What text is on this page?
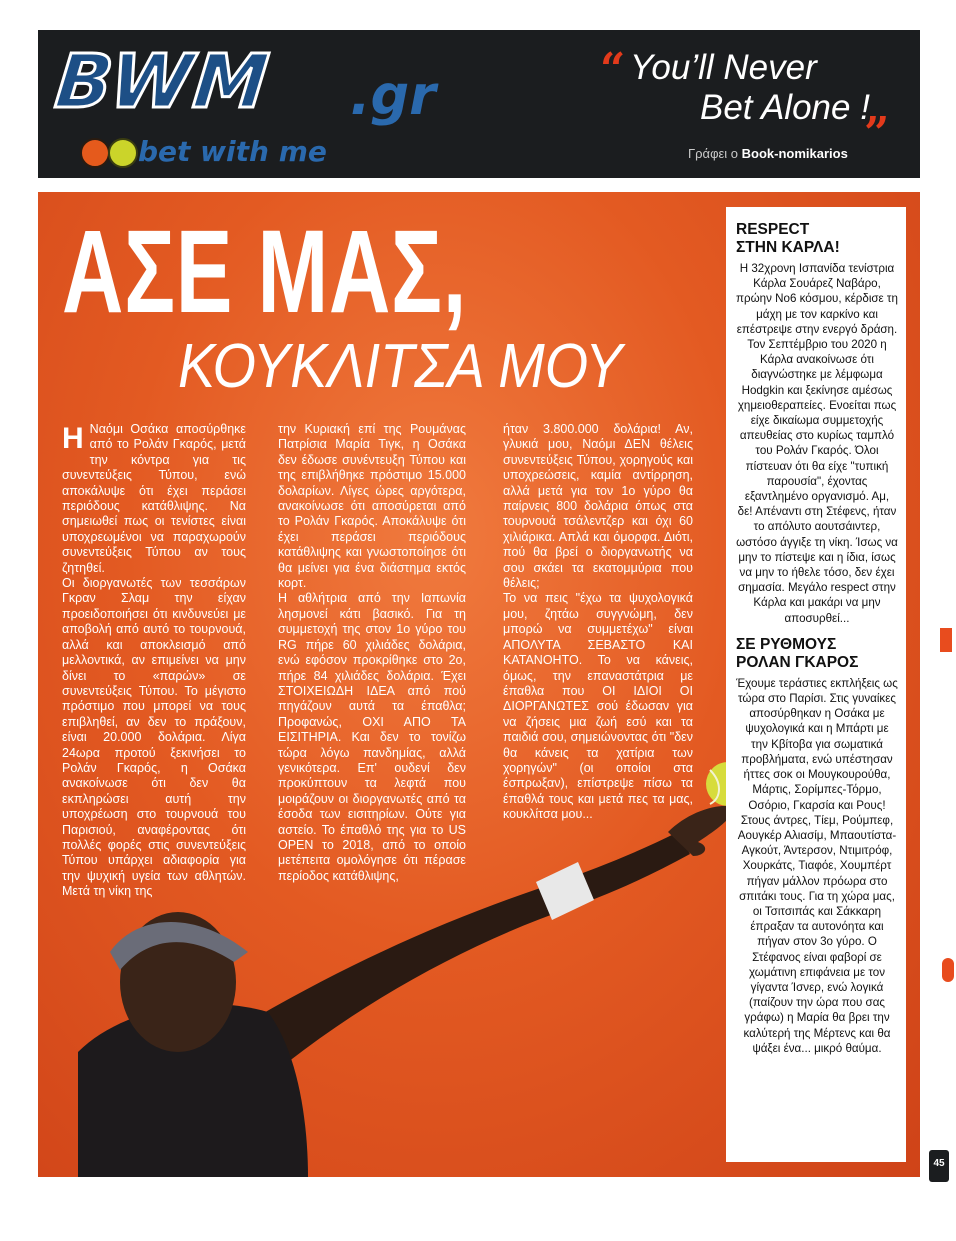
BWM .gr
bet with me
“ You’ll Never
Bet Alone !
”
Γράφει ο Book-nomikarios
ΑΣΕ ΜΑΣ,
ΚΟΥΚΛΙΤΣΑ ΜΟΥ
Η Ναόμι Οσάκα αποσύρθηκε από το Ρολάν Γκαρός, μετά την κόντρα για τις συνεντεύξεις Τύπου, ενώ αποκάλυψε ότι έχει περάσει περιόδους κατάθλιψης. Να σημειωθεί πως οι τενίστες είναι υποχρεωμένοι να παραχωρούν συνεντεύξεις Τύπου αν τους ζητηθεί.

Οι διοργανωτές των τεσσάρων Γκραν Σλαμ την είχαν προειδοποιήσει ότι κινδυνεύει με αποβολή από αυτό το τουρνουά, αλλά και αποκλεισμό από μελλοντικά, αν επιμείνει να μην δίνει το «παρών» σε συνεντεύξεις Τύπου. Το μέγιστο πρόστιμο που μπορεί να τους επιβληθεί, αν δεν το πράξουν, είναι 20.000 δολάρια. Λίγα 24ωρα προτού ξεκινήσει το Ρολάν Γκαρός, η Οσάκα ανακοίνωσε ότι δεν θα εκπληρώσει αυτή την υποχρέωση στο τουρνουά του Παρισιού, αναφέροντας ότι πολλές φορές στις συνεντεύξεις Τύπου υπάρχει αδιαφορία για την ψυχική υγεία των αθλητών. Μετά τη νίκη της

την Κυριακή επί της Ρουμάνας Πατρίσια Μαρία Τιγκ, η Οσάκα δεν έδωσε συνέντευξη Τύπου και της επιβλήθηκε πρόστιμο 15.000 δολαρίων. Λίγες ώρες αργότερα, ανακοίνωσε ότι αποσύρεται από το Ρολάν Γκαρός. Αποκάλυψε ότι έχει περάσει περιόδους κατάθλιψης και γνωστοποίησε ότι θα μείνει για ένα διάστημα εκτός κορτ.

Η αθλήτρια από την Ιαπωνία λησμονεί κάτι βασικό. Για τη συμμετοχή της στον 1ο γύρο του RG πήρε 60 χιλιάδες δολάρια, ενώ εφόσον προκρίθηκε στο 2ο, πήρε 84 χιλιάδες δολάρια. Έχει ΣΤΟΙΧΕΙΩΔΗ ΙΔΕΑ από πού πηγάζουν αυτά τα έπαθλα; Προφανώς, ΟΧΙ ΑΠΟ ΤΑ ΕΙΣΙΤΗΡΙΑ. Και δεν το τονίζω τώρα λόγω πανδημίας, αλλά γενικότερα. Επ' ουδενί δεν προκύπτουν τα λεφτά που μοιράζουν οι διοργανωτές από τα έσοδα των εισιτηρίων. Ούτε για αστείο. Το έπαθλό της για το US OPEN το 2018, από το οποίο μετέπειτα ομολόγησε ότι πέρασε περίοδος κατάθλιψης,

ήταν 3.800.000 δολάρια! Αν, γλυκιά μου, Ναόμι ΔΕΝ θέλεις συνεντεύξεις Τύπου, χορηγούς και υποχρεώσεις, καμία αντίρρηση, αλλά μετά για τον 1ο γύρο θα παίρνεις 800 δολάρια όπως στα τουρνουά τσάλεντζερ και όχι 60 χιλιάρικα. Απλά και όμορφα. Διότι, πού θα βρεί ο διοργανωτής να σου σκάει τα εκατομμύρια που θέλεις;

Το να πεις "έχω τα ψυχολογικά μου, ζητάω συγγνώμη, δεν μπορώ να συμμετέχω" είναι ΑΠΟΛΥΤΑ ΣΕΒΑΣΤΟ ΚΑΙ ΚΑΤΑΝΟΗΤΟ. Το να κάνεις, όμως, την επαναστάτρια με έπαθλα που ΟΙ ΙΔΙΟΙ ΟΙ ΔΙΟΡΓΑΝΩΤΕΣ σού έδωσαν για να ζήσεις μια ζωή εσύ και τα παιδιά σου, σημειώνοντας ότι "δεν θα κάνεις τα χατίρια των χορηγών" (οι οποίοι στα έσπρωξαν), επίστρεψε πίσω τα έπαθλά τους και μετά πες τα μας, κουκλίτσα μου...

RESPECT
ΣΤΗΝ ΚΑΡΛΑ!

Η 32χρονη Ισπανίδα τενίστρια Κάρλα Σουάρεζ Ναβάρο, πρώην Νο6 κόσμου, κέρδισε τη μάχη με τον καρκίνο και επέστρεψε στην ενεργό δράση. Τον Σεπτέμβριο του 2020 η Κάρλα ανακοίνωσε ότι διαγνώστηκε με λέμφωμα Hodgkin και ξεκίνησε αμέσως χημειοθεραπείες. Ενοείται πως είχε δικαίωμα συμμετοχής απευθείας στο κυρίως ταμπλό του Ρολάν Γκαρός. Όλοι πίστευαν ότι θα είχε "τυπική παρουσία", έχοντας εξαντλημένο οργανισμό. Αμ, δε! Απέναντι στη Στέφενς, ήταν το απόλυτο αουτσάιντερ, ωστόσο άγγιξε τη νίκη. Ίσως να μην το πίστεψε και η ίδια, ίσως να μην το ήθελε τόσο, δεν έχει σημασία. Μεγάλο respect στην Κάρλα και μακάρι να μην αποσυρθεί...

ΣΕ ΡΥΘΜΟΥΣ
ΡΟΛΑΝ ΓΚΑΡΟΣ

Έχουμε τεράστιες εκπλήξεις ως τώρα στο Παρίσι. Στις γυναίκες αποσύρθηκαν η Οσάκα με ψυχολογικά και η Μπάρτι με την Κβίτοβα για σωματικά προβλήματα, ενώ υπέστησαν ήττες σοκ οι Μουγκουρούθα, Μάρτις, Σορίμπες-Τόρμο, Οσόριο, Γκαρσία και Ρους! Στους άντρες, Τίεμ, Ρούμπεφ, Αουγκέρ Αλιασίμ, Μπαουτίστα-Αγκούτ, Άντερσον, Ντιμιτρόφ, Χουρκάτς, Τιαφόε, Χουμπέρτ πήγαν μάλλον πρόωρα στο σπιτάκι τους. Για τη χώρα μας, οι Τσιτσιπάς και Σάκκαρη έπραξαν τα αυτονόητα και πήγαν στον 3ο γύρο. Ο Στέφανος είναι φαβορί σε χωμάτινη επιφάνεια με τον γίγαντα Ίσνερ, ενώ λογικά (παίζουν την ώρα που σας γράφω) η Μαρία θα βρει την καλύτερή της Μέρτενς και θα ψάξει ένα... μικρό θαύμα.

45
